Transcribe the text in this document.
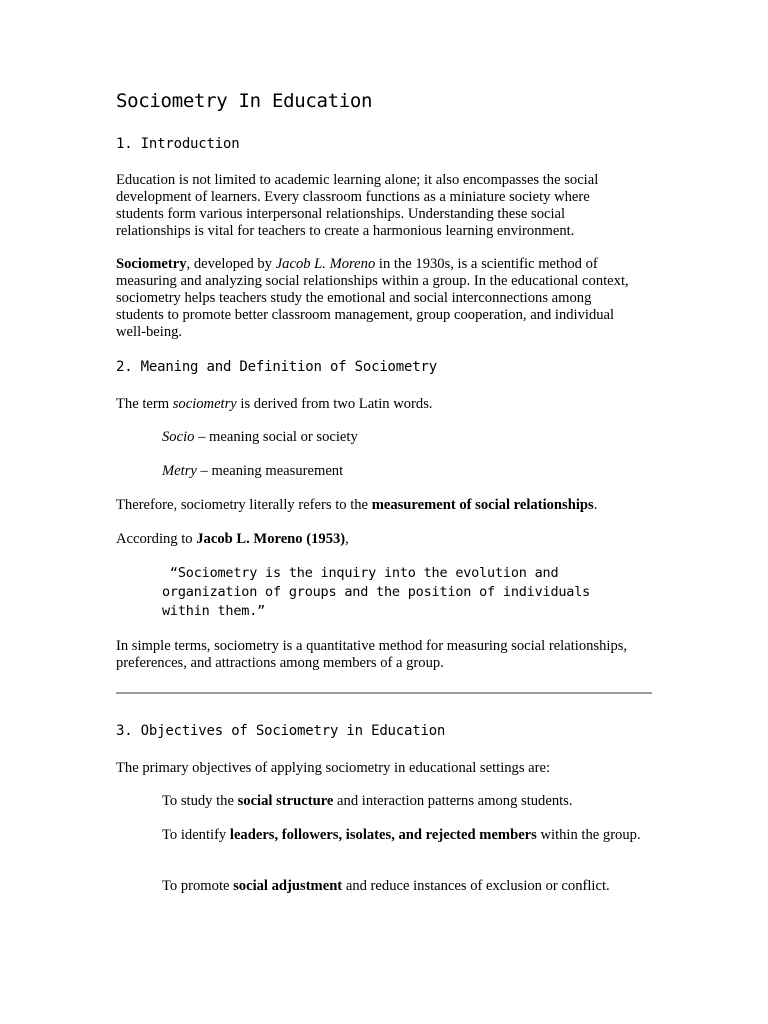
Sociometry In Education
1. Introduction

Education is not limited to academic learning alone; it also encompasses the social development of learners. Every classroom functions as a miniature society where students form various interpersonal relationships. Understanding these social relationships is vital for teachers to create a harmonious learning environment.

Sociometry, developed by Jacob L. Moreno in the 1930s, is a scientific method of measuring and analyzing social relationships within a group. In the educational context, sociometry helps teachers study the emotional and social interconnections among students to promote better classroom management, group cooperation, and individual well-being.

2. Meaning and Definition of Sociometry

The term sociometry is derived from two Latin words.

Socio – meaning social or society

Metry – meaning measurement

Therefore, sociometry literally refers to the measurement of social relationships.

According to Jacob L. Moreno (1953),

“Sociometry is the inquiry into the evolution and
organization of groups and the position of individuals
within them.”

In simple terms, sociometry is a quantitative method for measuring social relationships, preferences, and attractions among members of a group.

3. Objectives of Sociometry in Education

The primary objectives of applying sociometry in educational settings are:

To study the social structure and interaction patterns among students.

To identify leaders, followers, isolates, and rejected members within the group.

To promote social adjustment and reduce instances of exclusion or conflict.
